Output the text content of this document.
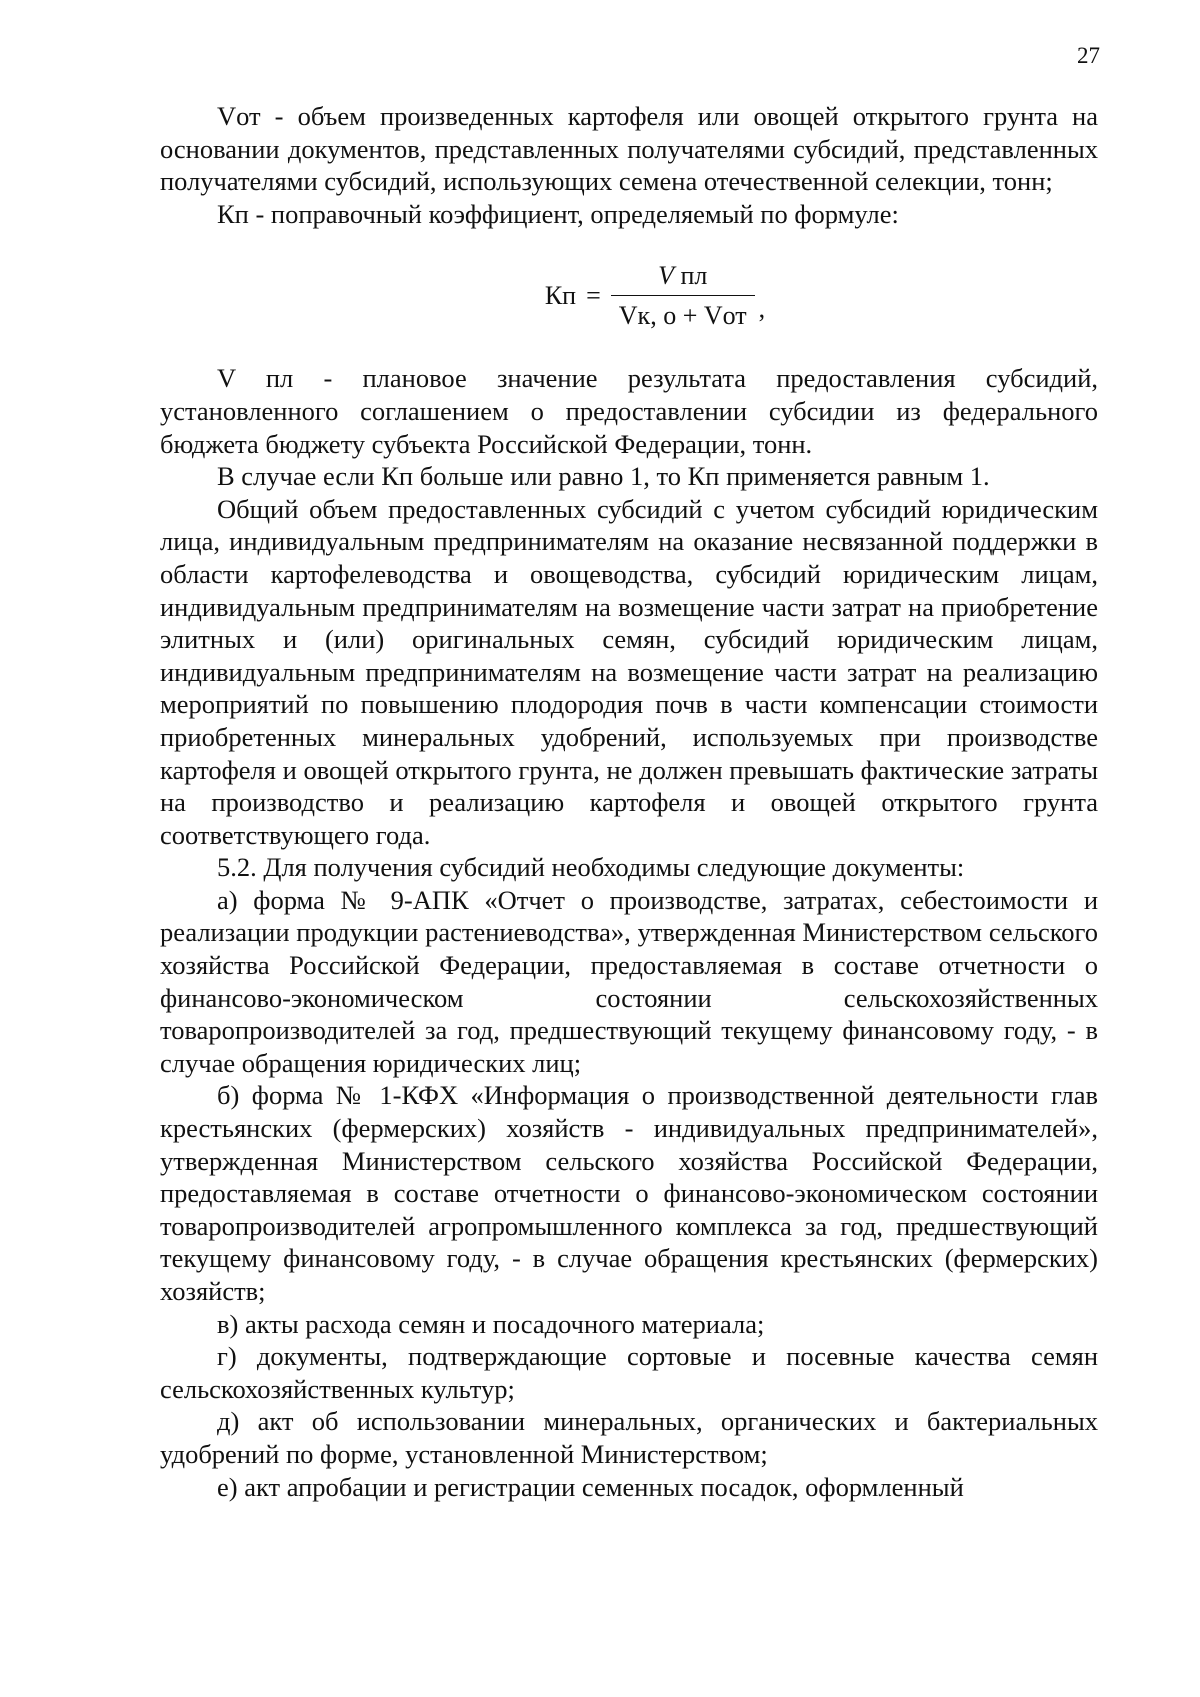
27

Vот - объем произведенных картофеля или овощей открытого грунта на основании документов, представленных получателями субсидий, представленных получателями субсидий, использующих семена отечественной селекции, тонн;

Кп - поправочный коэффициент, определяемый по формуле:

Кп = $\frac{\text{V пл}}{\text{Vк, о + Vот}}$ ,

V пл - плановое значение результата предоставления субсидий, установленного соглашением о предоставлении субсидии из федерального бюджета бюджету субъекта Российской Федерации, тонн.

В случае если Кп больше или равно 1, то Кп применяется равным 1.

Общий объем предоставленных субсидий с учетом субсидий юридическим лица, индивидуальным предпринимателям на оказание несвязанной поддержки в области картофелеводства и овощеводства, субсидий юридическим лицам, индивидуальным предпринимателям на возмещение части затрат на приобретение элитных и (или) оригинальных семян, субсидий юридическим лицам, индивидуальным предпринимателям на возмещение части затрат на реализацию мероприятий по повышению плодородия почв в части компенсации стоимости приобретенных минеральных удобрений, используемых при производстве картофеля и овощей открытого грунта, не должен превышать фактические затраты на производство и реализацию картофеля и овощей открытого грунта соответствующего года.

5.2. Для получения субсидий необходимы следующие документы:

а) форма № 9-АПК «Отчет о производстве, затратах, себестоимости и реализации продукции растениеводства», утвержденная Министерством сельского хозяйства Российской Федерации, предоставляемая в составе отчетности о финансово-экономическом состоянии сельскохозяйственных товаропроизводителей за год, предшествующий текущему финансовому году, - в случае обращения юридических лиц;

б) форма № 1-КФХ «Информация о производственной деятельности глав крестьянских (фермерских) хозяйств - индивидуальных предпринимателей», утвержденная Министерством сельского хозяйства Российской Федерации, предоставляемая в составе отчетности о финансово-экономическом состоянии товаропроизводителей агропромышленного комплекса за год, предшествующий текущему финансовому году, - в случае обращения крестьянских (фермерских) хозяйств;

в) акты расхода семян и посадочного материала;

г) документы, подтверждающие сортовые и посевные качества семян сельскохозяйственных культур;

д) акт об использовании минеральных, органических и бактериальных удобрений по форме, установленной Министерством;

е) акт апробации и регистрации семенных посадок, оформленный
